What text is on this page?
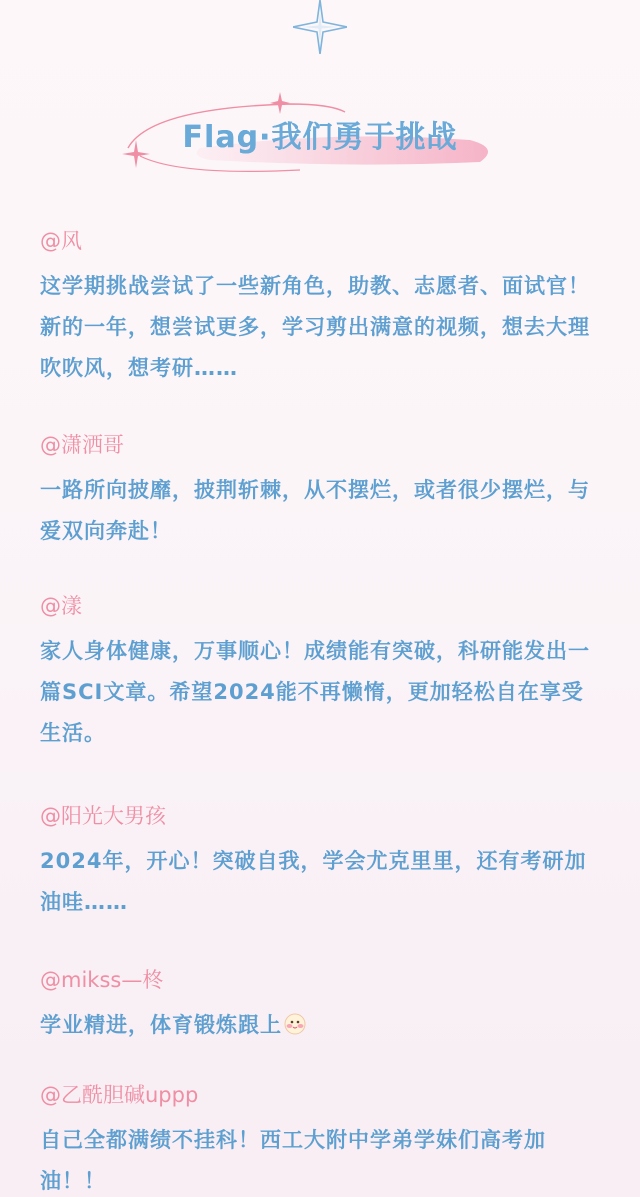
Flag·我们勇于挑战
@风
这学期挑战尝试了一些新角色，助教、志愿者、面试官！新的一年，想尝试更多，学习剪出满意的视频，想去大理吹吹风，想考研……
@潇洒哥
一路所向披靡，披荆斩棘，从不摆烂，或者很少摆烂，与爱双向奔赴！
@漾
家人身体健康，万事顺心！成绩能有突破，科研能发出一篇SCI文章。希望2024能不再懒惰，更加轻松自在享受生活。
@阳光大男孩
2024年，开心！突破自我，学会尤克里里，还有考研加油哇……
@mikss—柊
学业精进，体育锻炼跟上
@乙酰胆碱uppp
自己全都满绩不挂科！西工大附中学弟学妹们高考加油！！
